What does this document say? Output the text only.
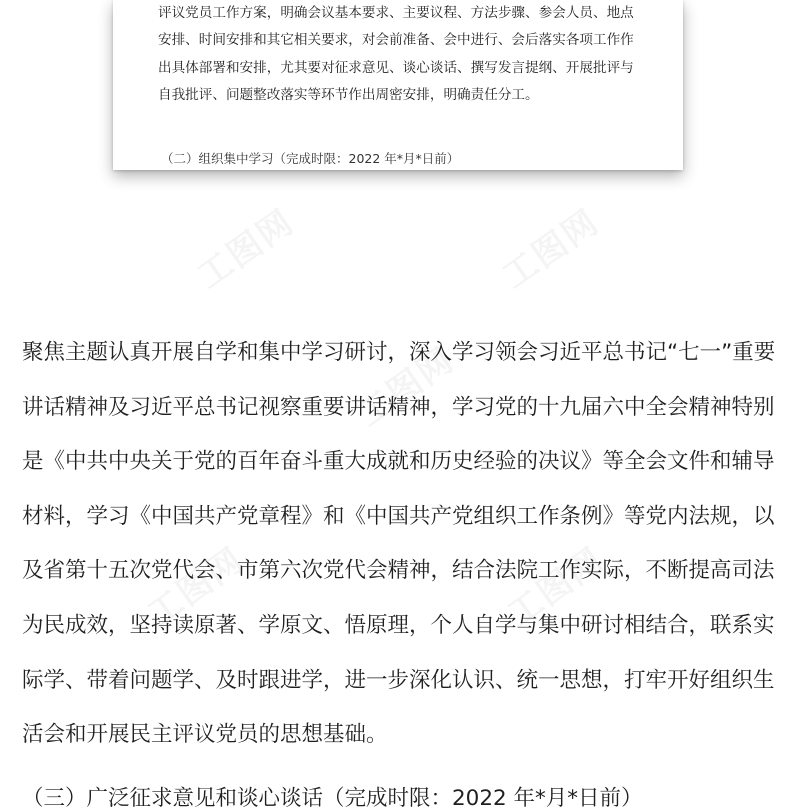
工图网	工图网
工图网
工图网	工图网

评议党员工作方案，明确会议基本要求、主要议程、方法步骤、参会人员、地点
安排、时间安排和其它相关要求，对会前准备、会中进行、会后落实各项工作作
出具体部署和安排，尤其要对征求意见、谈心谈话、撰写发言提纲、开展批评与
自我批评、问题整改落实等环节作出周密安排，明确责任分工。

（二）组织集中学习（完成时限：2022 年*月*日前）

聚焦主题认真开展自学和集中学习研讨，深入学习领会习近平总书记“七一”重要
讲话精神及习近平总书记视察重要讲话精神，学习党的十九届六中全会精神特别
是《中共中央关于党的百年奋斗重大成就和历史经验的决议》等全会文件和辅导
材料，学习《中国共产党章程》和《中国共产党组织工作条例》等党内法规，以
及省第十五次党代会、市第六次党代会精神，结合法院工作实际，不断提高司法
为民成效，坚持读原著、学原文、悟原理，个人自学与集中研讨相结合，联系实
际学、带着问题学、及时跟进学，进一步深化认识、统一思想，打牢开好组织生
活会和开展民主评议党员的思想基础。

（三）广泛征求意见和谈心谈话（完成时限：2022 年*月*日前）
